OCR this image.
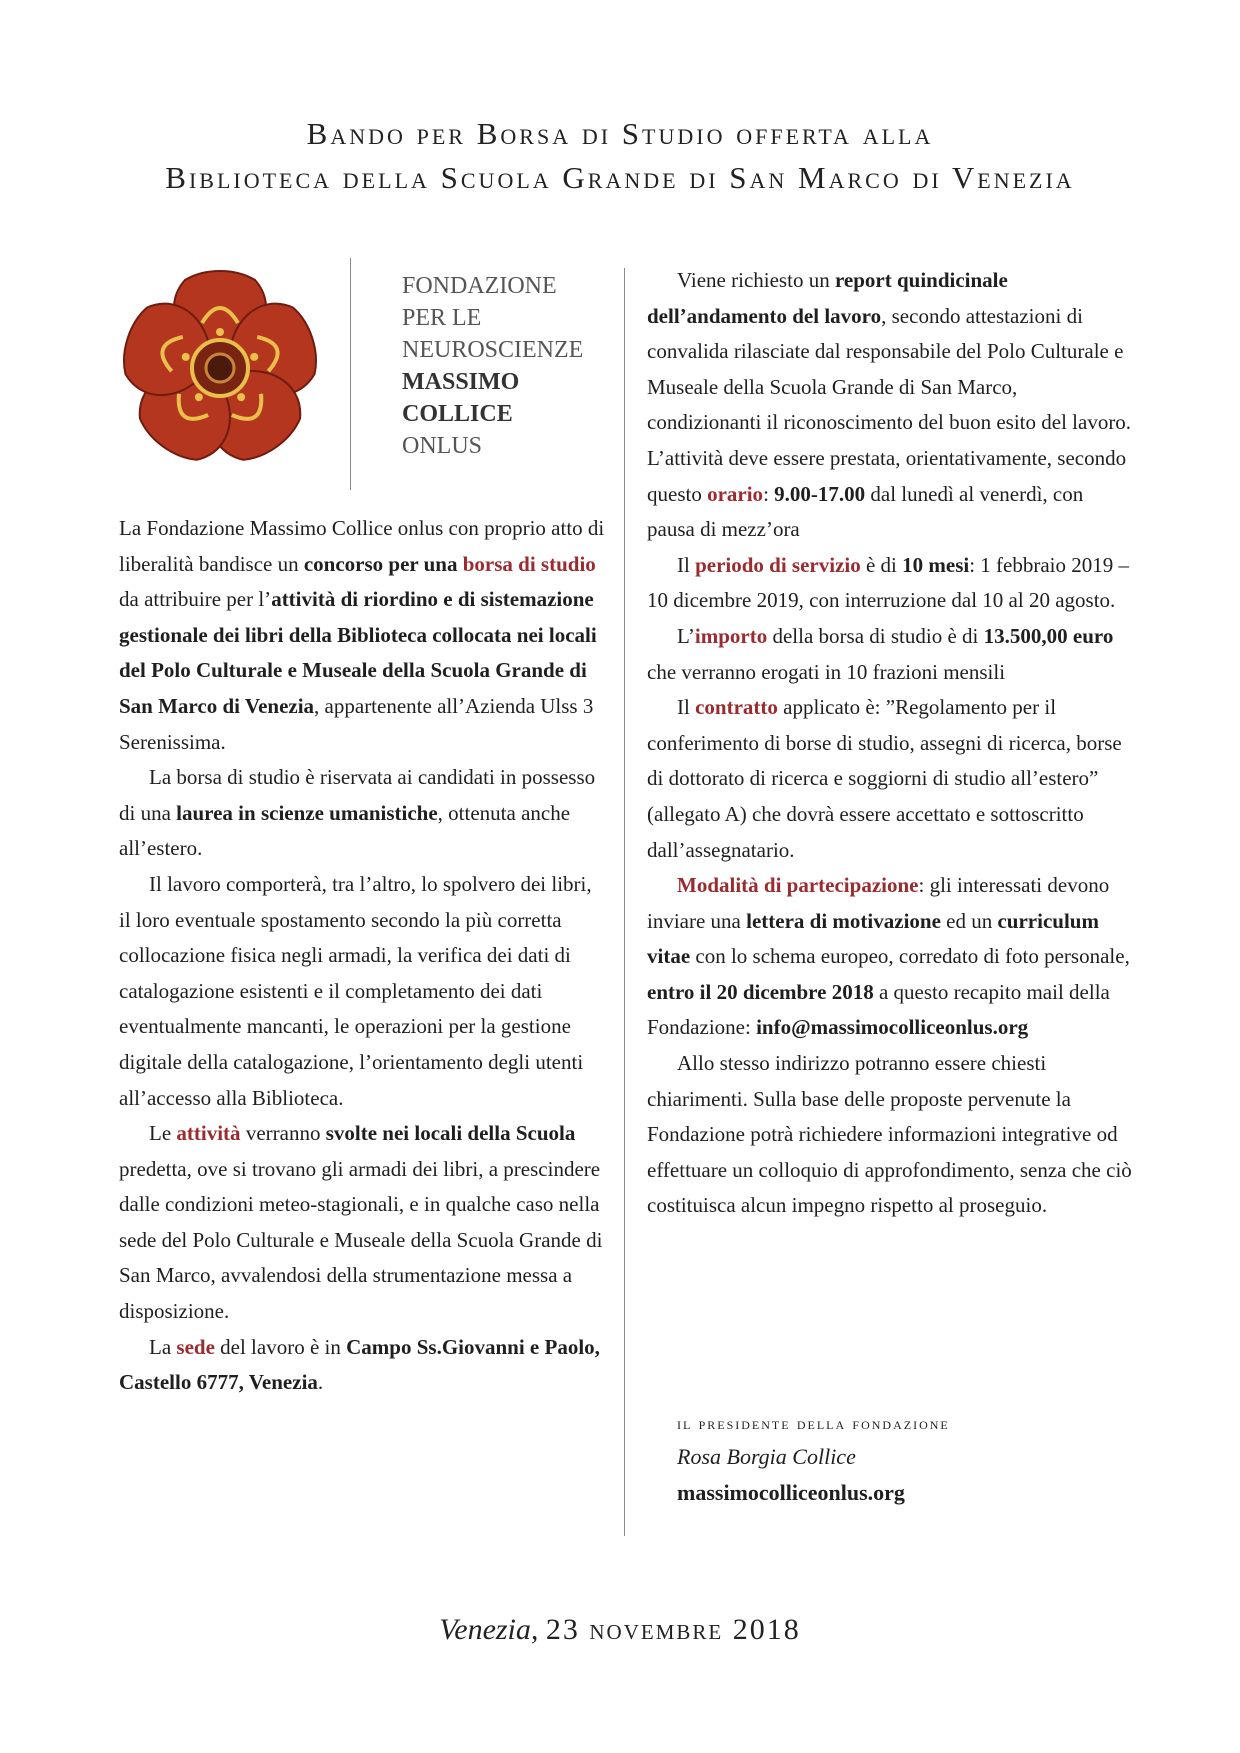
Bando per Borsa di Studio offerta alla
Biblioteca della Scuola Grande di San Marco di Venezia
FONDAZIONE
PER LE
NEUROSCIENZE
MASSIMO
COLLICE
ONLUS

La Fondazione Massimo Collice onlus con proprio atto di liberalità bandisce un concorso per una borsa di studio da attribuire per l’attività di riordino e di sistemazione gestionale dei libri della Biblioteca collocata nei locali del Polo Culturale e Museale della Scuola Grande di San Marco di Venezia, appartenente all’Azienda Ulss 3 Serenissima.

La borsa di studio è riservata ai candidati in possesso di una laurea in scienze umanistiche, ottenuta anche all’estero.

Il lavoro comporterà, tra l’altro, lo spolvero dei libri, il loro eventuale spostamento secondo la più corretta collocazione fisica negli armadi, la verifica dei dati di catalogazione esistenti e il completamento dei dati eventualmente mancanti, le operazioni per la gestione digitale della catalogazione, l’orientamento degli utenti all’accesso alla Biblioteca.

Le attività verranno svolte nei locali della Scuola predetta, ove si trovano gli armadi dei libri, a prescindere dalle condizioni meteo-stagionali, e in qualche caso nella sede del Polo Culturale e Museale della Scuola Grande di San Marco, avvalendosi della strumentazione messa a disposizione.

La sede del lavoro è in Campo Ss.Giovanni e Paolo, Castello 6777, Venezia.

Viene richiesto un report quindicinale dell’andamento del lavoro, secondo attestazioni di convalida rilasciate dal responsabile del Polo Culturale e Museale della Scuola Grande di San Marco, condizionanti il riconoscimento del buon esito del lavoro.

L’attività deve essere prestata, orientativamente, secondo questo orario: 9.00-17.00 dal lunedì al venerdì, con pausa di mezz’ora

Il periodo di servizio è di 10 mesi: 1 febbraio 2019 – 10 dicembre 2019, con interruzione dal 10 al 20 agosto.

L’importo della borsa di studio è di 13.500,00 euro che verranno erogati in 10 frazioni mensili

Il contratto applicato è: ”Regolamento per il conferimento di borse di studio, assegni di ricerca, borse di dottorato di ricerca e soggiorni di studio all’estero” (allegato A) che dovrà essere accettato e sottoscritto dall’assegnatario.

Modalità di partecipazione: gli interessati devono inviare una lettera di motivazione ed un curriculum vitae con lo schema europeo, corredato di foto personale, entro il 20 dicembre 2018 a questo recapito mail della Fondazione: info@massimocolliceonlus.org

Allo stesso indirizzo potranno essere chiesti chiarimenti. Sulla base delle proposte pervenute la Fondazione potrà richiedere informazioni integrative od effettuare un colloquio di approfondimento, senza che ciò costituisca alcun impegno rispetto al proseguio.

il presidente della fondazione
Rosa Borgia Collice
massimocolliceonlus.org
Venezia, 23 novembre 2018
